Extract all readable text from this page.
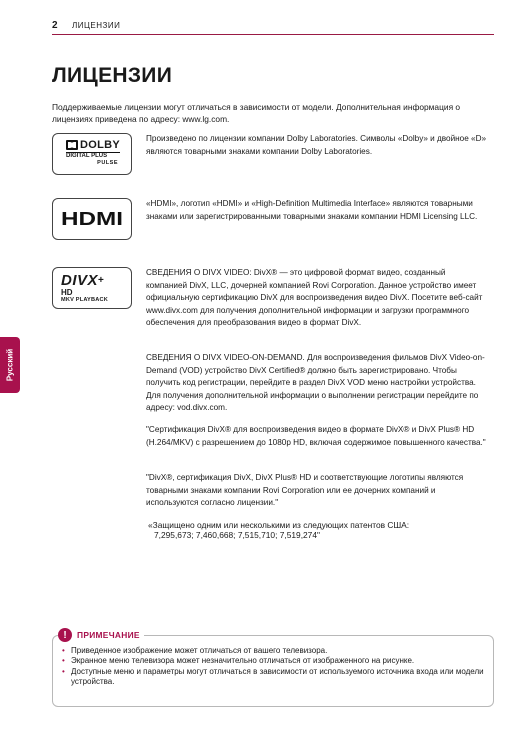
2 ЛИЦЕНЗИИ
ЛИЦЕНЗИИ

Поддерживаемые лицензии могут отличаться в зависимости от модели. Дополнительная информация о лицензиях приведена по адресу: www.lg.com.

DOLBY
DIGITAL PLUS
PULSE

Произведено по лицензии компании Dolby Laboratories. Символы «Dolby» и двойное «D» являются товарными знаками компании Dolby Laboratories.

HDMI

«HDMI», логотип «HDMI» и «High-Definition Multimedia Interface» являются товарными знаками или зарегистрированными товарными знаками компании HDMI Licensing LLC.

DIVX+
HD
MKV PLAYBACK

СВЕДЕНИЯ О DIVX VIDEO: DivX® — это цифровой формат видео, созданный компанией DivX, LLC, дочерней компанией Rovi Corporation. Данное устройство имеет официальную сертификацию DivX для воспроизведения видео DivX. Посетите веб-сайт www.divx.com для получения дополнительной информации и загрузки программного обеспечения для преобразования видео в формат DivX.

СВЕДЕНИЯ О DIVX VIDEO-ON-DEMAND. Для воспроизведения фильмов DivX Video-on-Demand (VOD) устройство DivX Certified® должно быть зарегистрировано. Чтобы получить код регистрации, перейдите в раздел DivX VOD меню настройки устройства. Для получения дополнительной информации о выполнении регистрации перейдите по адресу: vod.divx.com.

"Сертификация DivX® для воспроизведения видео в формате DivX® и DivX Plus® HD (H.264/MKV) с разрешением до 1080p HD, включая содержимое повышенного качества."

"DivX®, сертификация DivX, DivX Plus® HD и соответствующие логотипы являются товарными знаками компании Rovi Corporation или ее дочерних компаний и используются согласно лицензии."

«Защищено одним или несколькими из следующих патентов США:
7,295,673; 7,460,668; 7,515,710; 7,519,274"

Русский
!	ПРИМЕЧАНИЕ
• Приведенное изображение может отличаться от вашего телевизора.
• Экранное меню телевизора может незначительно отличаться от изображенного на рисунке.
• Доступные меню и параметры могут отличаться в зависимости от используемого источника входа или модели устройства.
